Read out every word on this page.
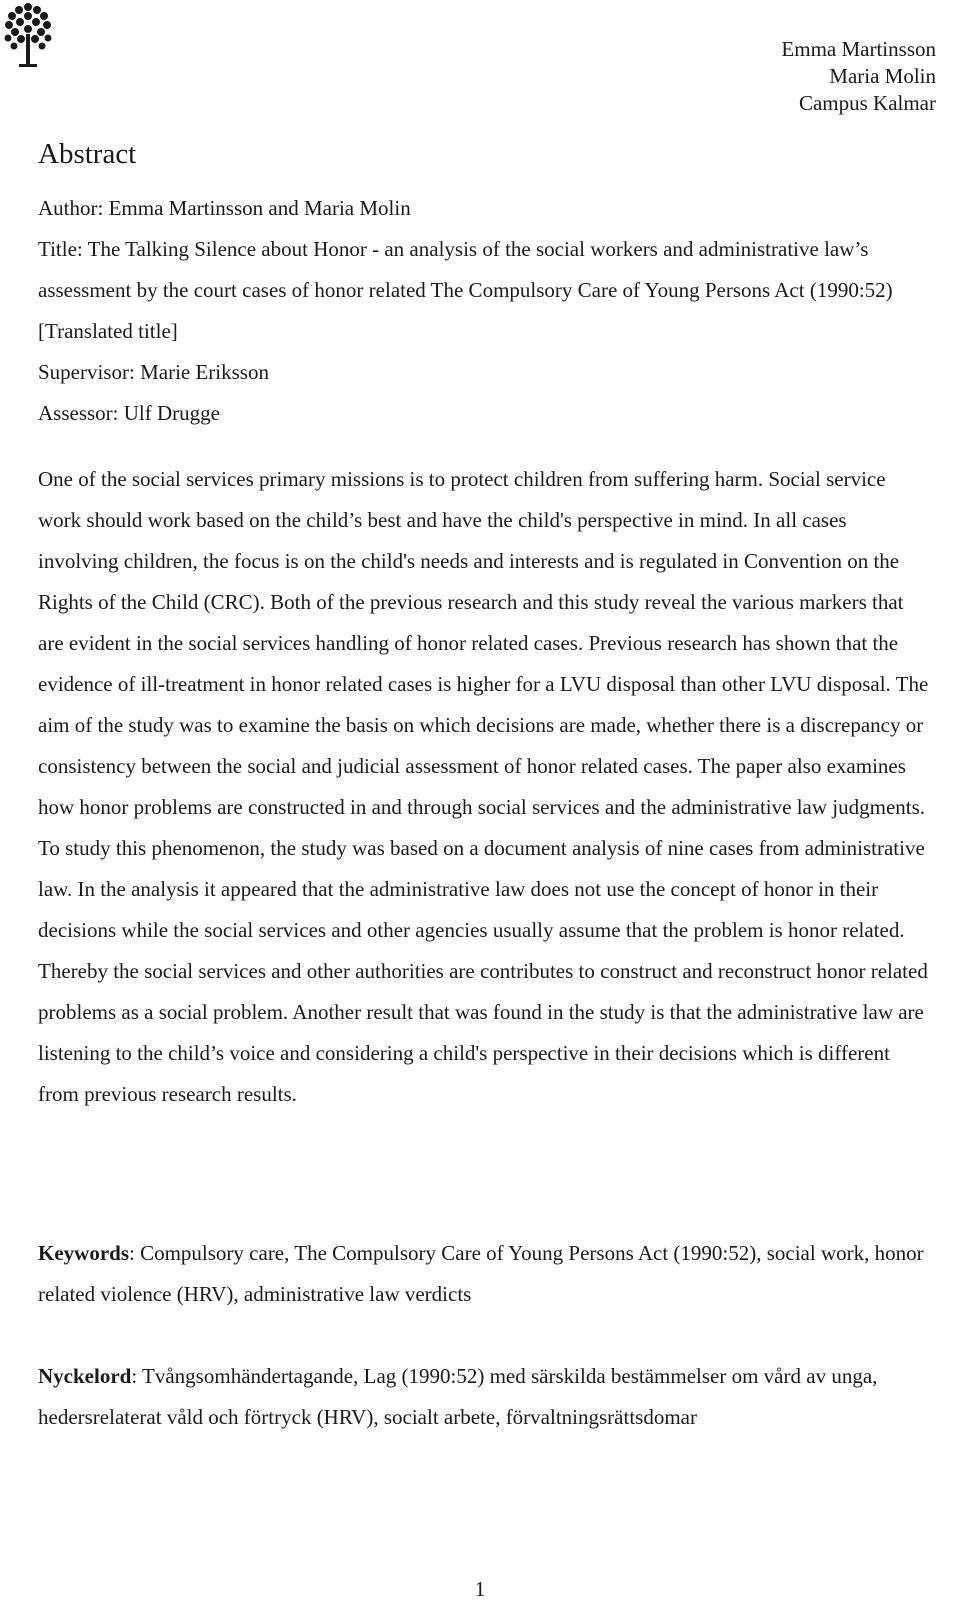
Emma Martinsson
Maria Molin
Campus Kalmar
Abstract

Author: Emma Martinsson and Maria Molin

Title: The Talking Silence about Honor - an analysis of the social workers and administrative law’s assessment by the court cases of honor related The Compulsory Care of Young Persons Act (1990:52) [Translated title]

Supervisor: Marie Eriksson

Assessor: Ulf Drugge

One of the social services primary missions is to protect children from suffering harm. Social service work should work based on the child’s best and have the child's perspective in mind. In all cases involving children, the focus is on the child's needs and interests and is regulated in Convention on the Rights of the Child (CRC). Both of the previous research and this study reveal the various markers that are evident in the social services handling of honor related cases. Previous research has shown that the evidence of ill-treatment in honor related cases is higher for a LVU disposal than other LVU disposal. The aim of the study was to examine the basis on which decisions are made, whether there is a discrepancy or consistency between the social and judicial assessment of honor related cases. The paper also examines how honor problems are constructed in and through social services and the administrative law judgments. To study this phenomenon, the study was based on a document analysis of nine cases from administrative law. In the analysis it appeared that the administrative law does not use the concept of honor in their decisions while the social services and other agencies usually assume that the problem is honor related. Thereby the social services and other authorities are contributes to construct and reconstruct honor related problems as a social problem. Another result that was found in the study is that the administrative law are listening to the child’s voice and considering a child's perspective in their decisions which is different from previous research results.

Keywords: Compulsory care, The Compulsory Care of Young Persons Act (1990:52), social work, honor related violence (HRV), administrative law verdicts

Nyckelord: Tvångsomhändertagande, Lag (1990:52) med särskilda bestämmelser om vård av unga, hedersrelaterat våld och förtryck (HRV), socialt arbete, förvaltningsrättsdomar

1
